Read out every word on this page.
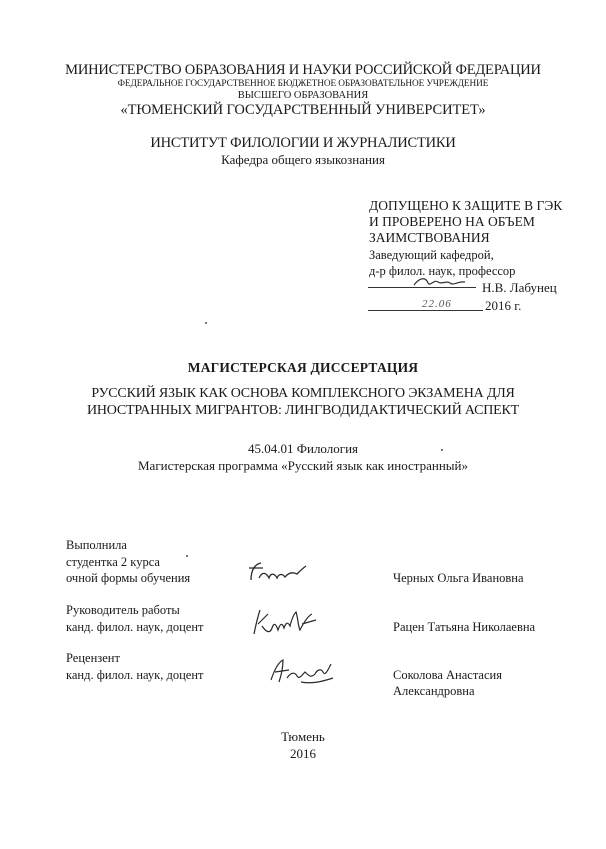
МИНИСТЕРСТВО ОБРАЗОВАНИЯ И НАУКИ РОССИЙСКОЙ ФЕДЕРАЦИИ
ФЕДЕРАЛЬНОЕ ГОСУДАРСТВЕННОЕ БЮДЖЕТНОЕ ОБРАЗОВАТЕЛЬНОЕ УЧРЕЖДЕНИЕ
ВЫСШЕГО ОБРАЗОВАНИЯ
«ТЮМЕНСКИЙ ГОСУДАРСТВЕННЫЙ УНИВЕРСИТЕТ»
ИНСТИТУТ ФИЛОЛОГИИ И ЖУРНАЛИСТИКИ
Кафедра общего языкознания
ДОПУЩЕНО К ЗАЩИТЕ В ГЭК
И ПРОВЕРЕНО НА ОБЪЕМ
ЗАИМСТВОВАНИЯ
Заведующий кафедрой,
д-р филол. наук, профессор
Н.В. Лабунец
22.06	2016 г.
МАГИСТЕРСКАЯ ДИССЕРТАЦИЯ
РУССКИЙ ЯЗЫК КАК ОСНОВА КОМПЛЕКСНОГО ЭКЗАМЕНА ДЛЯ
ИНОСТРАННЫХ МИГРАНТОВ: ЛИНГВОДИДАКТИЧЕСКИЙ АСПЕКТ
45.04.01 Филология
Магистерская программа «Русский язык как иностранный»
Выполнила
студентка 2 курса
очной формы обучения	Черных Ольга Ивановна
Руководитель работы
канд. филол. наук, доцент	Рацен Татьяна Николаевна
Рецензент
канд. филол. наук, доцент	Соколова Анастасия
Александровна
Тюмень
2016
